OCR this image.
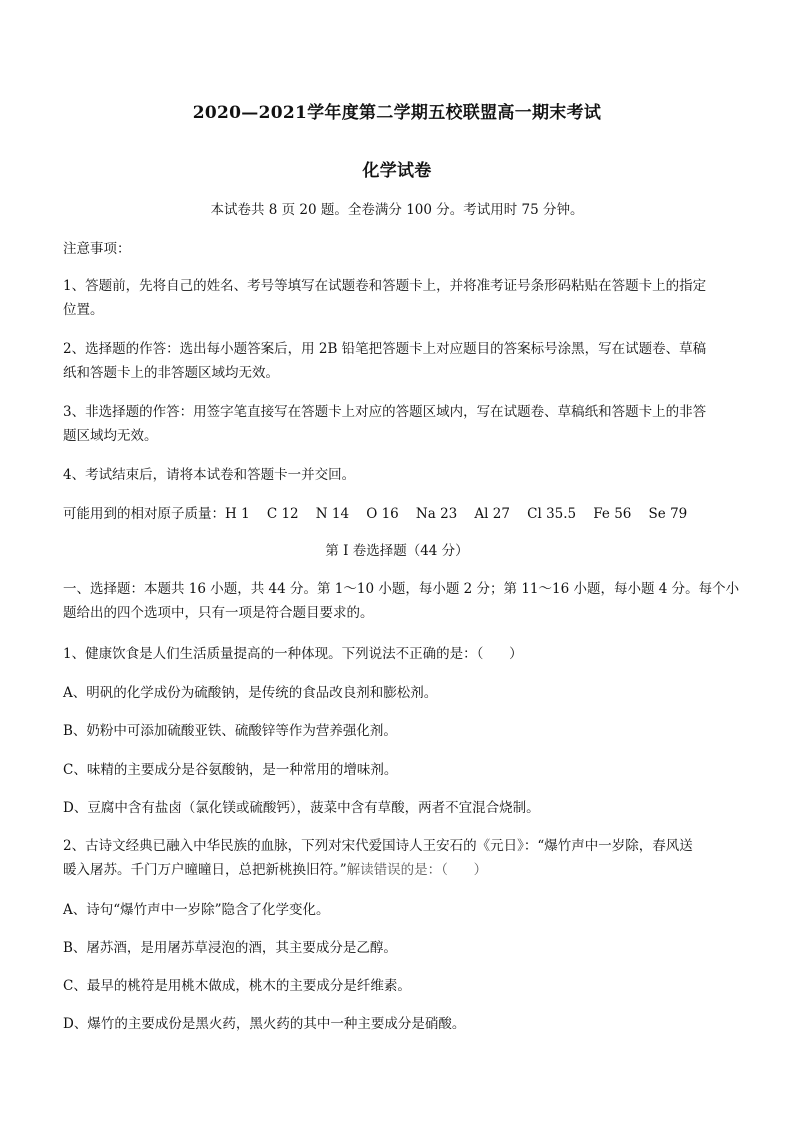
2020—2021学年度第二学期五校联盟高一期末考试
化学试卷
本试卷共 8 页 20 题。全卷满分 100 分。考试用时 75 分钟。
注意事项：
1、答题前，先将自己的姓名、考号等填写在试题卷和答题卡上，并将准考证号条形码粘贴在答题卡上的指定
位置。
2、选择题的作答：选出每小题答案后，用 2B 铅笔把答题卡上对应题目的答案标号涂黑，写在试题卷、草稿
纸和答题卡上的非答题区域均无效。
3、非选择题的作答：用签字笔直接写在答题卡上对应的答题区域内，写在试题卷、草稿纸和答题卡上的非答
题区域均无效。
4、考试结束后，请将本试卷和答题卡一并交回。
可能用到的相对原子质量：H 1    C 12    N 14    O 16    Na 23    Al 27    Cl 35.5    Fe 56    Se 79
第 I 卷选择题（44 分）
一、选择题：本题共 16 小题，共 44 分。第 1～10 小题，每小题 2 分；第 11～16 小题，每小题 4 分。每个小
题给出的四个选项中，只有一项是符合题目要求的。
1、健康饮食是人们生活质量提高的一种体现。下列说法不正确的是：（      ）
A、明矾的化学成份为硫酸钠，是传统的食品改良剂和膨松剂。
B、奶粉中可添加硫酸亚铁、硫酸锌等作为营养强化剂。
C、味精的主要成分是谷氨酸钠，是一种常用的增味剂。
D、豆腐中含有盐卤（氯化镁或硫酸钙），菠菜中含有草酸，两者不宜混合烧制。
2、古诗文经典已融入中华民族的血脉，下列对宋代爱国诗人王安石的《元日》：“爆竹声中一岁除，春风送
暖入屠苏。千门万户曈曈日，总把新桃换旧符。”解读错误的是：（      ）
A、诗句“爆竹声中一岁除”隐含了化学变化。
B、屠苏酒，是用屠苏草浸泡的酒，其主要成分是乙醇。
C、最早的桃符是用桃木做成，桃木的主要成分是纤维素。
D、爆竹的主要成份是黑火药，黑火药的其中一种主要成分是硝酸。
